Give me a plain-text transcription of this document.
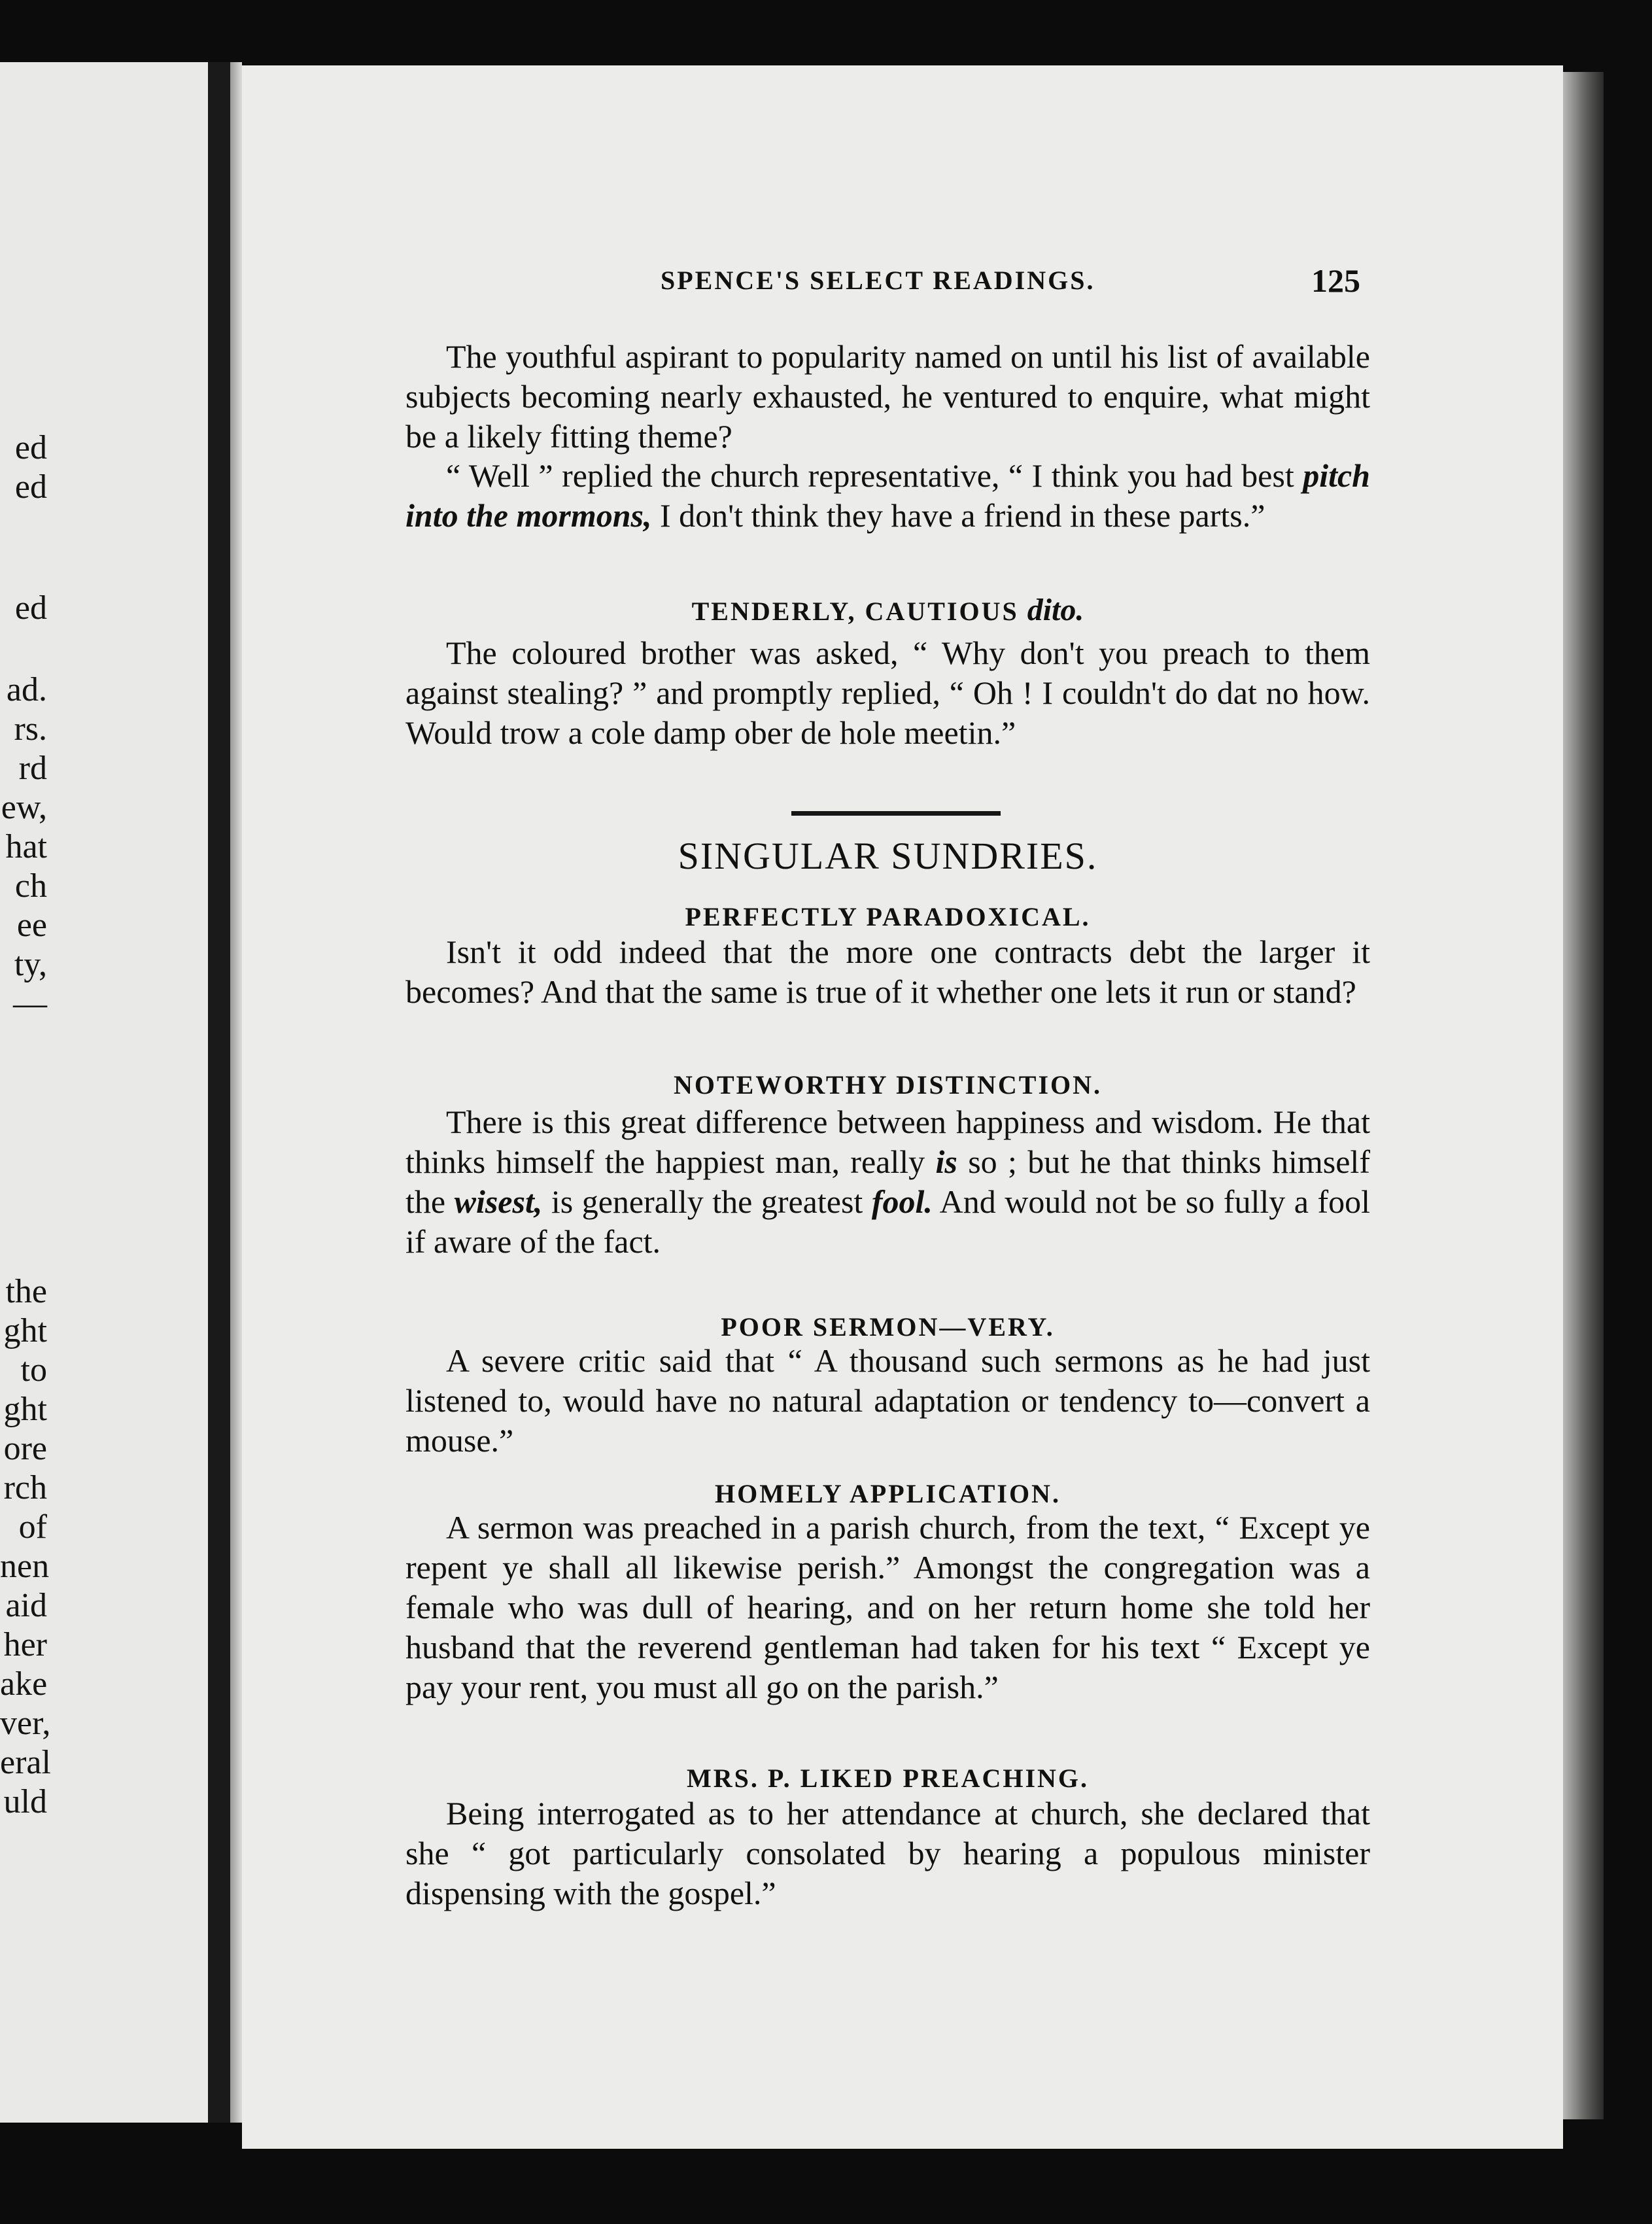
ed
ed
ed
ad.
rs.
rd
ew,
hat
ch
ee
ty,
—
the
ght
to
ght
ore
rch
of
nen
aid
her
ake
ver,
eral
uld
SPENCE'S SELECT READINGS.	125

The youthful aspirant to popularity named on until his list of available subjects becoming nearly exhausted, he ventured to enquire, what might be a likely fitting theme?

“ Well ” replied the church representative, “ I think you had best pitch into the mormons, I don't think they have a friend in these parts.”

TENDERLY, CAUTIOUS dito.

The coloured brother was asked, “ Why don't you preach to them against stealing? ” and promptly replied, “ Oh ! I couldn't do dat no how. Would trow a cole damp ober de hole meetin.”

SINGULAR SUNDRIES.
PERFECTLY PARADOXICAL.

Isn't it odd indeed that the more one contracts debt the larger it becomes? And that the same is true of it whether one lets it run or stand?

NOTEWORTHY DISTINCTION.

There is this great difference between happiness and wisdom. He that thinks himself the happiest man, really is so ; but he that thinks himself the wisest, is generally the greatest fool. And would not be so fully a fool if aware of the fact.

POOR SERMON—VERY.

A severe critic said that “ A thousand such sermons as he had just listened to, would have no natural adaptation or tendency to—convert a mouse.”

HOMELY APPLICATION.

A sermon was preached in a parish church, from the text, “ Except ye repent ye shall all likewise perish.” Amongst the congregation was a female who was dull of hearing, and on her return home she told her husband that the reverend gentleman had taken for his text “ Except ye pay your rent, you must all go on the parish.”

MRS. P. LIKED PREACHING.

Being interrogated as to her attendance at church, she declared that she “ got particularly consolated by hearing a populous minister dispensing with the gospel.”
